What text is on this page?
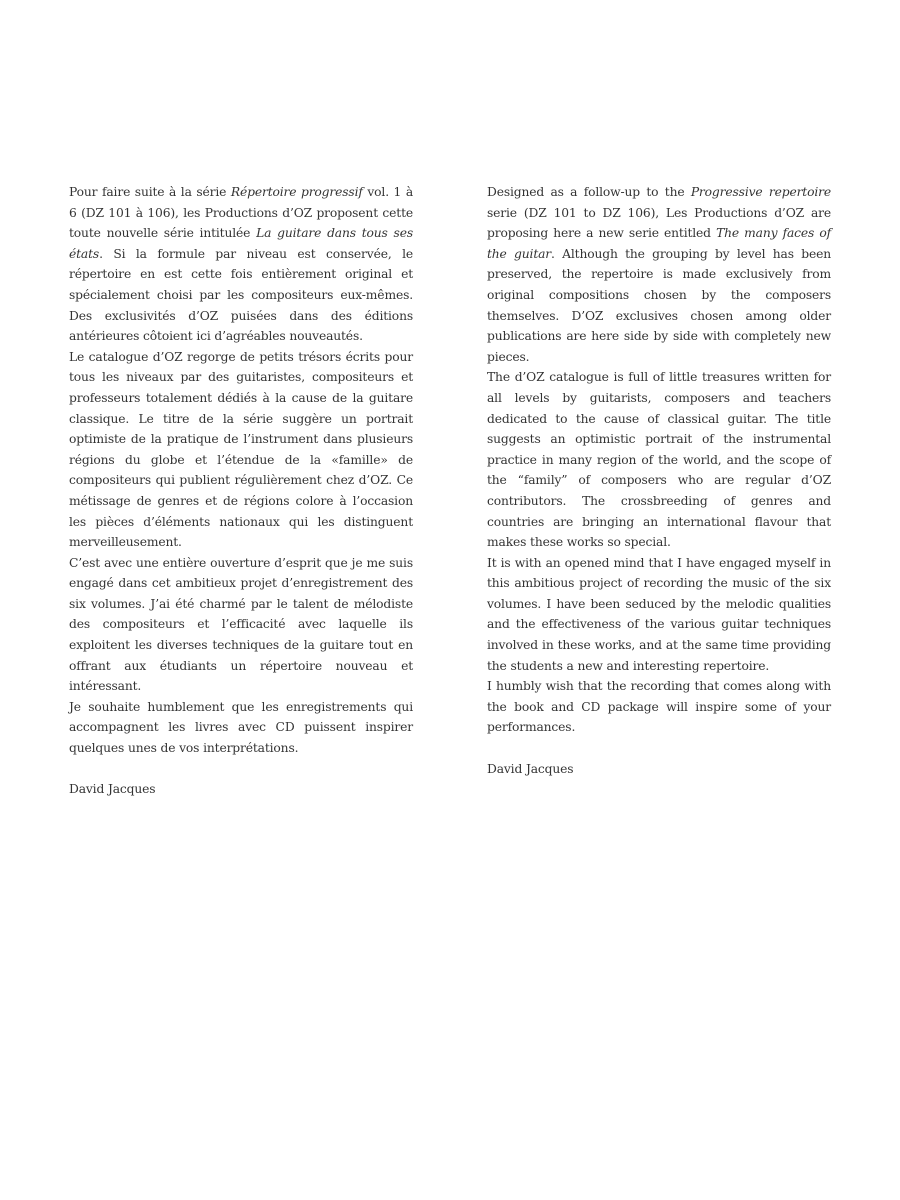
Pour faire suite à la série Répertoire progressif vol. 1 à 6 (DZ 101 à 106), les Productions d’OZ proposent cette toute nouvelle série intitulée La guitare dans tous ses états. Si la formule par niveau est conservée, le répertoire en est cette fois entièrement original et spécialement choisi par les compositeurs eux-mêmes. Des exclusivités d’OZ puisées dans des éditions antérieures côtoient ici d’agréables nouveautés.

Le catalogue d’OZ regorge de petits trésors écrits pour tous les niveaux par des guitaristes, compositeurs et professeurs totalement dédiés à la cause de la guitare classique. Le titre de la série suggère un portrait optimiste de la pratique de l’instrument dans plusieurs régions du globe et l’étendue de la «famille» de compositeurs qui publient régulièrement chez d’OZ. Ce métissage de genres et de régions colore à l’occasion les pièces d’éléments nationaux qui les distinguent merveilleusement.

C’est avec une entière ouverture d’esprit que je me suis engagé dans cet ambitieux projet d’enregistrement des six volumes. J’ai été charmé par le talent de mélodiste des compositeurs et l’efficacité avec laquelle ils exploitent les diverses techniques de la guitare tout en offrant aux étudiants un répertoire nouveau et intéressant.

Je souhaite humblement que les enregistrements qui accompagnent les livres avec CD puissent inspirer quelques unes de vos interprétations.

David Jacques

Designed as a follow-up to the Progressive repertoire serie (DZ 101 to DZ 106), Les Productions d’OZ are proposing here a new serie entitled The many faces of the guitar. Although the grouping by level has been preserved, the repertoire is made exclusively from original compositions chosen by the composers themselves. D’OZ exclusives chosen among older publications are here side by side with completely new pieces.

The d’OZ catalogue is full of little treasures written for all levels by guitarists, composers and teachers dedicated to the cause of classical guitar. The title suggests an optimistic portrait of the instrumental practice in many region of the world, and the scope of the “family” of composers who are regular d’OZ contributors. The crossbreeding of genres and countries are bringing an international flavour that makes these works so special.

It is with an opened mind that I have engaged myself in this ambitious project of recording the music of the six volumes. I have been seduced by the melodic qualities and the effectiveness of the various guitar techniques involved in these works, and at the same time providing the students a new and interesting repertoire.

I humbly wish that the recording that comes along with the book and CD package will inspire some of your performances.

David Jacques
